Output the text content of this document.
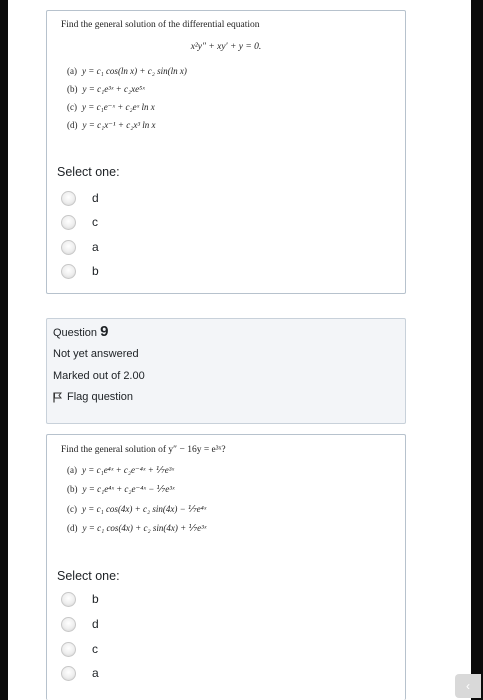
Find the general solution of the differential equation
x²y″ + xy′ + y = 0.
(a) y = c₁ cos(ln x) + c₂ sin(ln x)
(b) y = c₁e³ˣ + c₂xe⁵ˣ
(c) y = c₁e⁻ˣ + c₂eˣ ln x
(d) y = c₁x⁻¹ + c₂x³ ln x
Select one:
d
c
a
b
Question 9
Not yet answered
Marked out of 2.00
Flag question
Find the general solution of y″ − 16y = e³ˣ?
(a) y = c₁e⁴ˣ + c₂e⁻⁴ˣ + ⅐e³ˣ
(b) y = c₁e⁴ˣ + c₂e⁻⁴ˣ − ⅐e³ˣ
(c) y = c₁ cos(4x) + c₂ sin(4x) − ⅐e⁴ˣ
(d) y = c₁ cos(4x) + c₂ sin(4x) + ⅐e³ˣ
Select one:
b
d
c
a
‹
